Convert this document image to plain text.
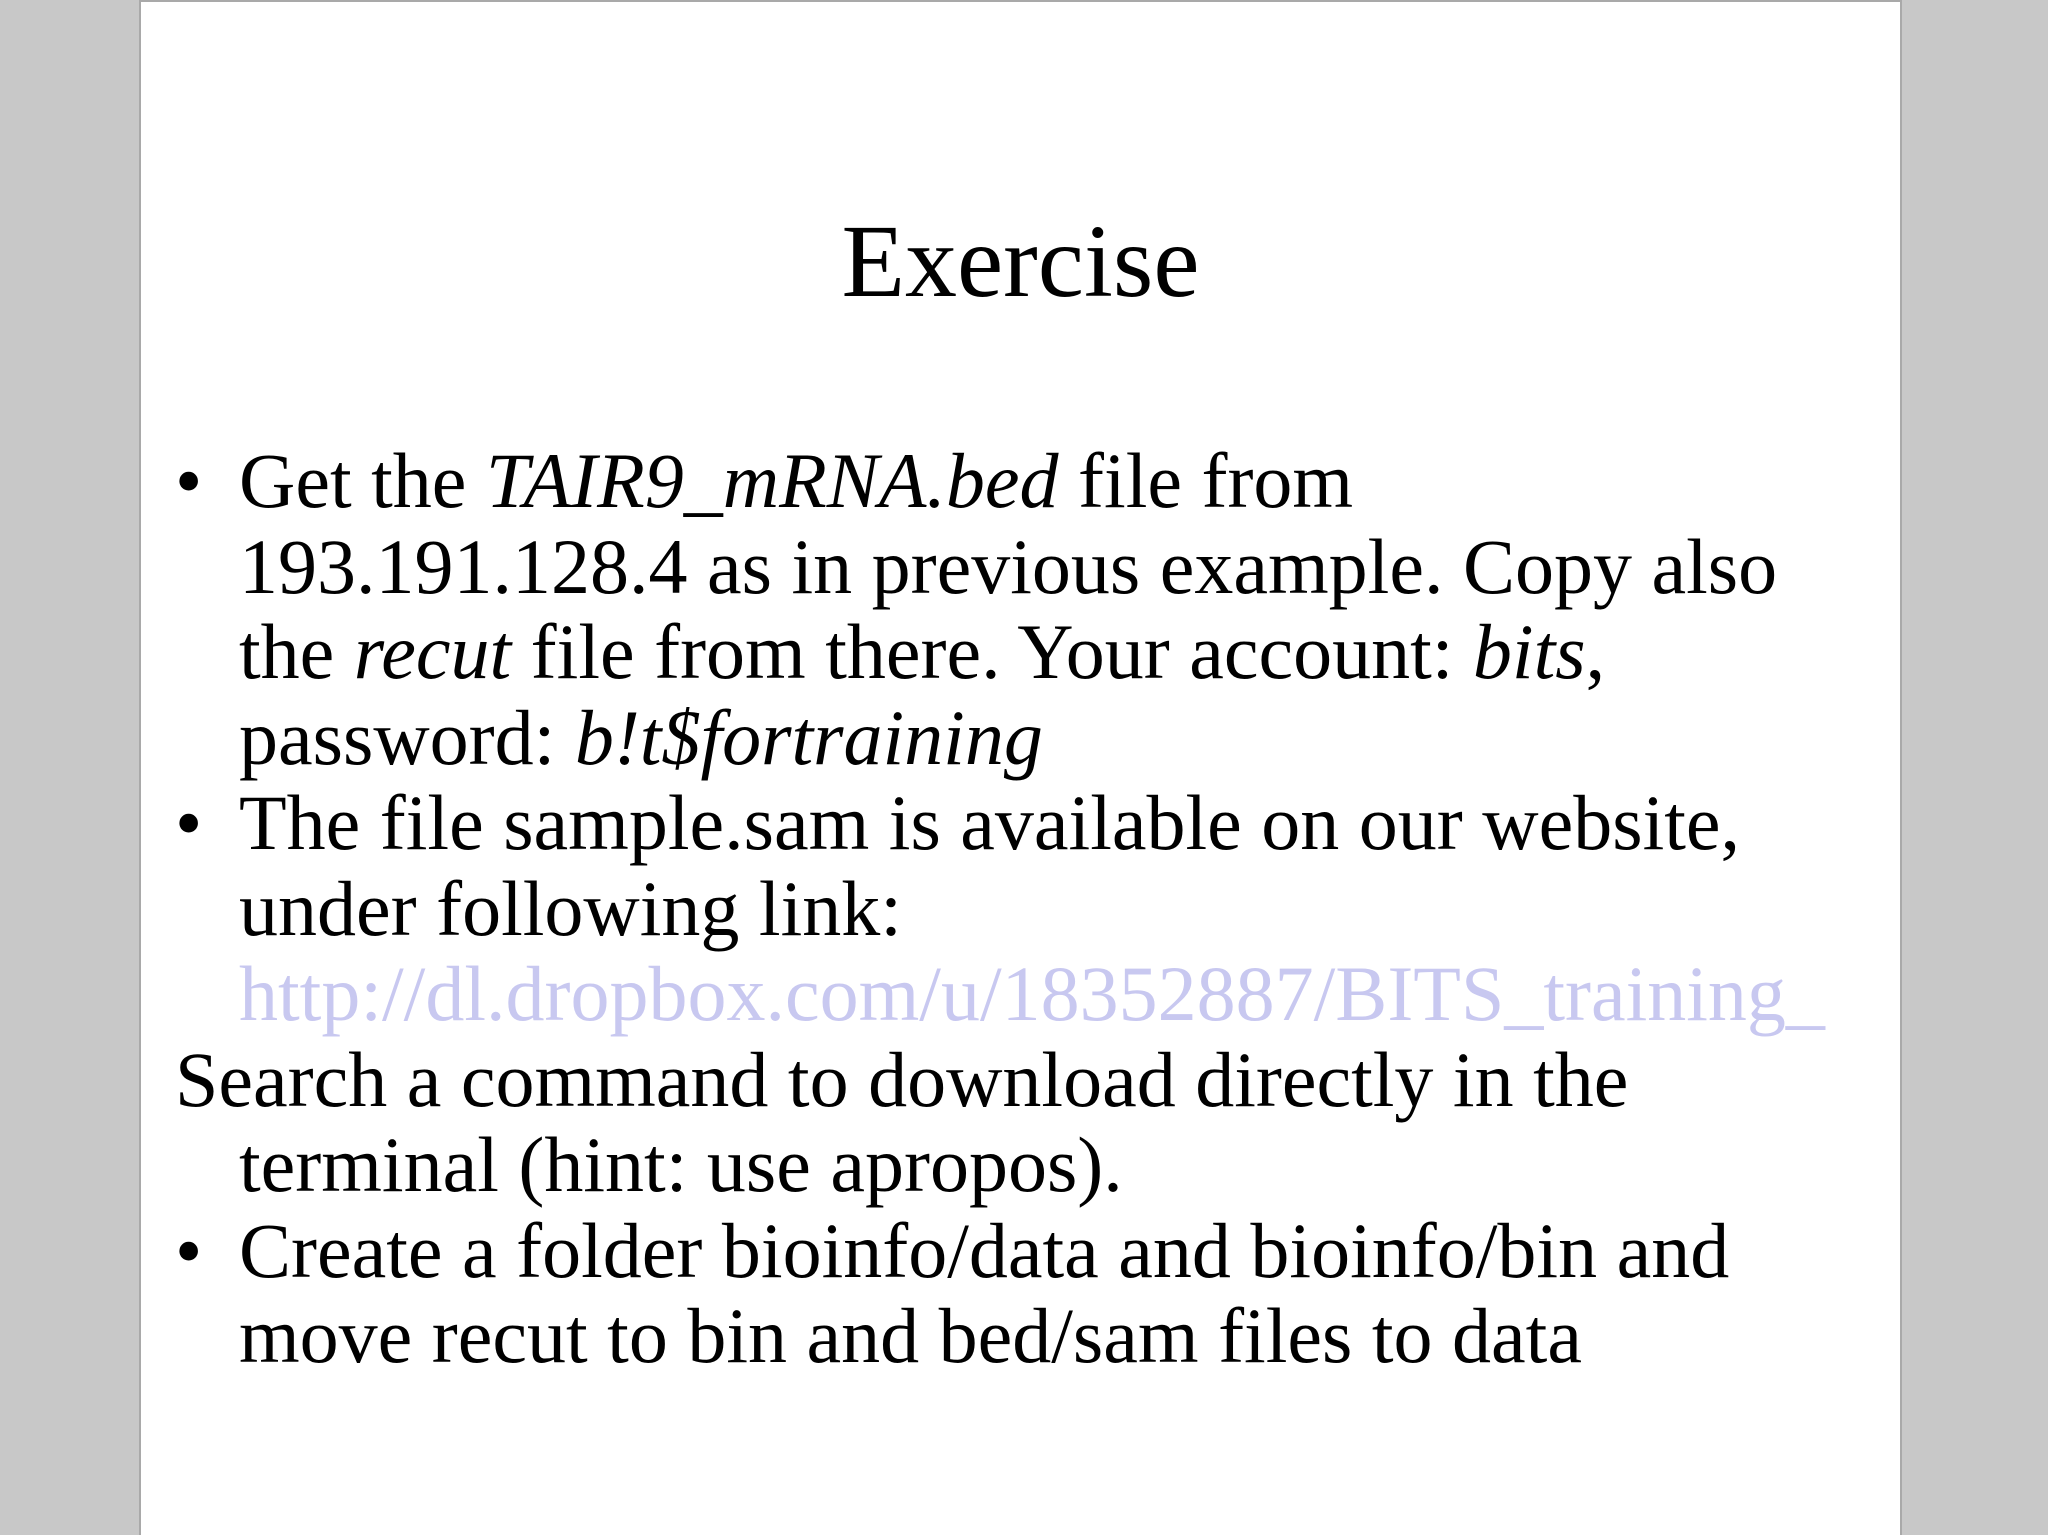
Exercise
• Get the TAIR9_mRNA.bed file from
193.191.128.4 as in previous example. Copy also
the recut file from there. Your account: bits,
password: b!t$fortraining
• The file sample.sam is available on our website,
under following link:
http://dl.dropbox.com/u/18352887/BITS_training_
Search a command to download directly in the
terminal (hint: use apropos).
• Create a folder bioinfo/data and bioinfo/bin and
move recut to bin and bed/sam files to data
